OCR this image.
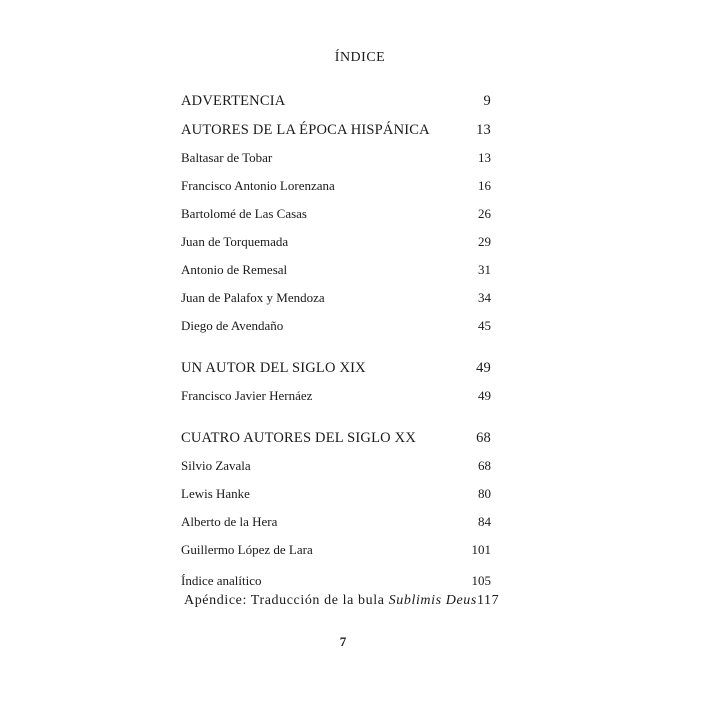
ÍNDICE
ADVERTENCIA	9
AUTORES DE LA ÉPOCA HISPÁNICA	13
Baltasar de Tobar	13
Francisco Antonio Lorenzana	16
Bartolomé de Las Casas	26
Juan de Torquemada	29
Antonio de Remesal	31
Juan de Palafox y Mendoza	34
Diego de Avendaño	45
UN AUTOR DEL SIGLO XIX	49
Francisco Javier Hernáez	49
CUATRO AUTORES DEL SIGLO XX	68
Silvio Zavala	68
Lewis Hanke	80
Alberto de la Hera	84
Guillermo López de Lara	101
Índice analítico	105
Apéndice: Traducción de la bula Sublimis Deus 117
7
